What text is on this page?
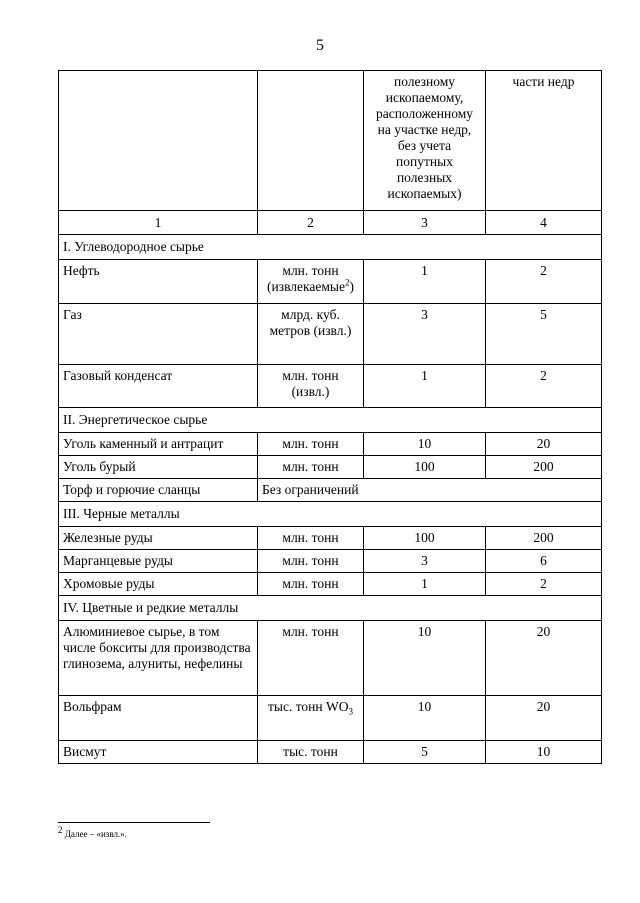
5
		полезному ископаемому, расположенному на участке недр, без учета попутных полезных ископаемых)	части недр
1	2	3	4
I. Углеводородное сырье			
Нефть	млн. тонн (извлекаемые$^2$)	1	2
Газ	млрд. куб. метров (извл.)	3	5
Газовый конденсат	млн. тонн (извл.)	1	2
II. Энергетическое сырье			
Уголь каменный и антрацит	млн. тонн	10	20
Уголь бурый	млн. тонн	100	200
Торф и горючие сланцы	Без ограничений		
III. Черные металлы			
Железные руды	млн. тонн	100	200
Марганцевые руды	млн. тонн	3	6
Хромовые руды	млн. тонн	1	2
IV. Цветные и редкие металлы			
Алюминиевое сырье, в том числе бокситы для производства глинозема, алуниты, нефелины	млн. тонн	10	20
Вольфрам	тыс. тонн $WO_3$	10	20
Висмут	тыс. тонн	5	10
$^2$ Далее – «извл.».
